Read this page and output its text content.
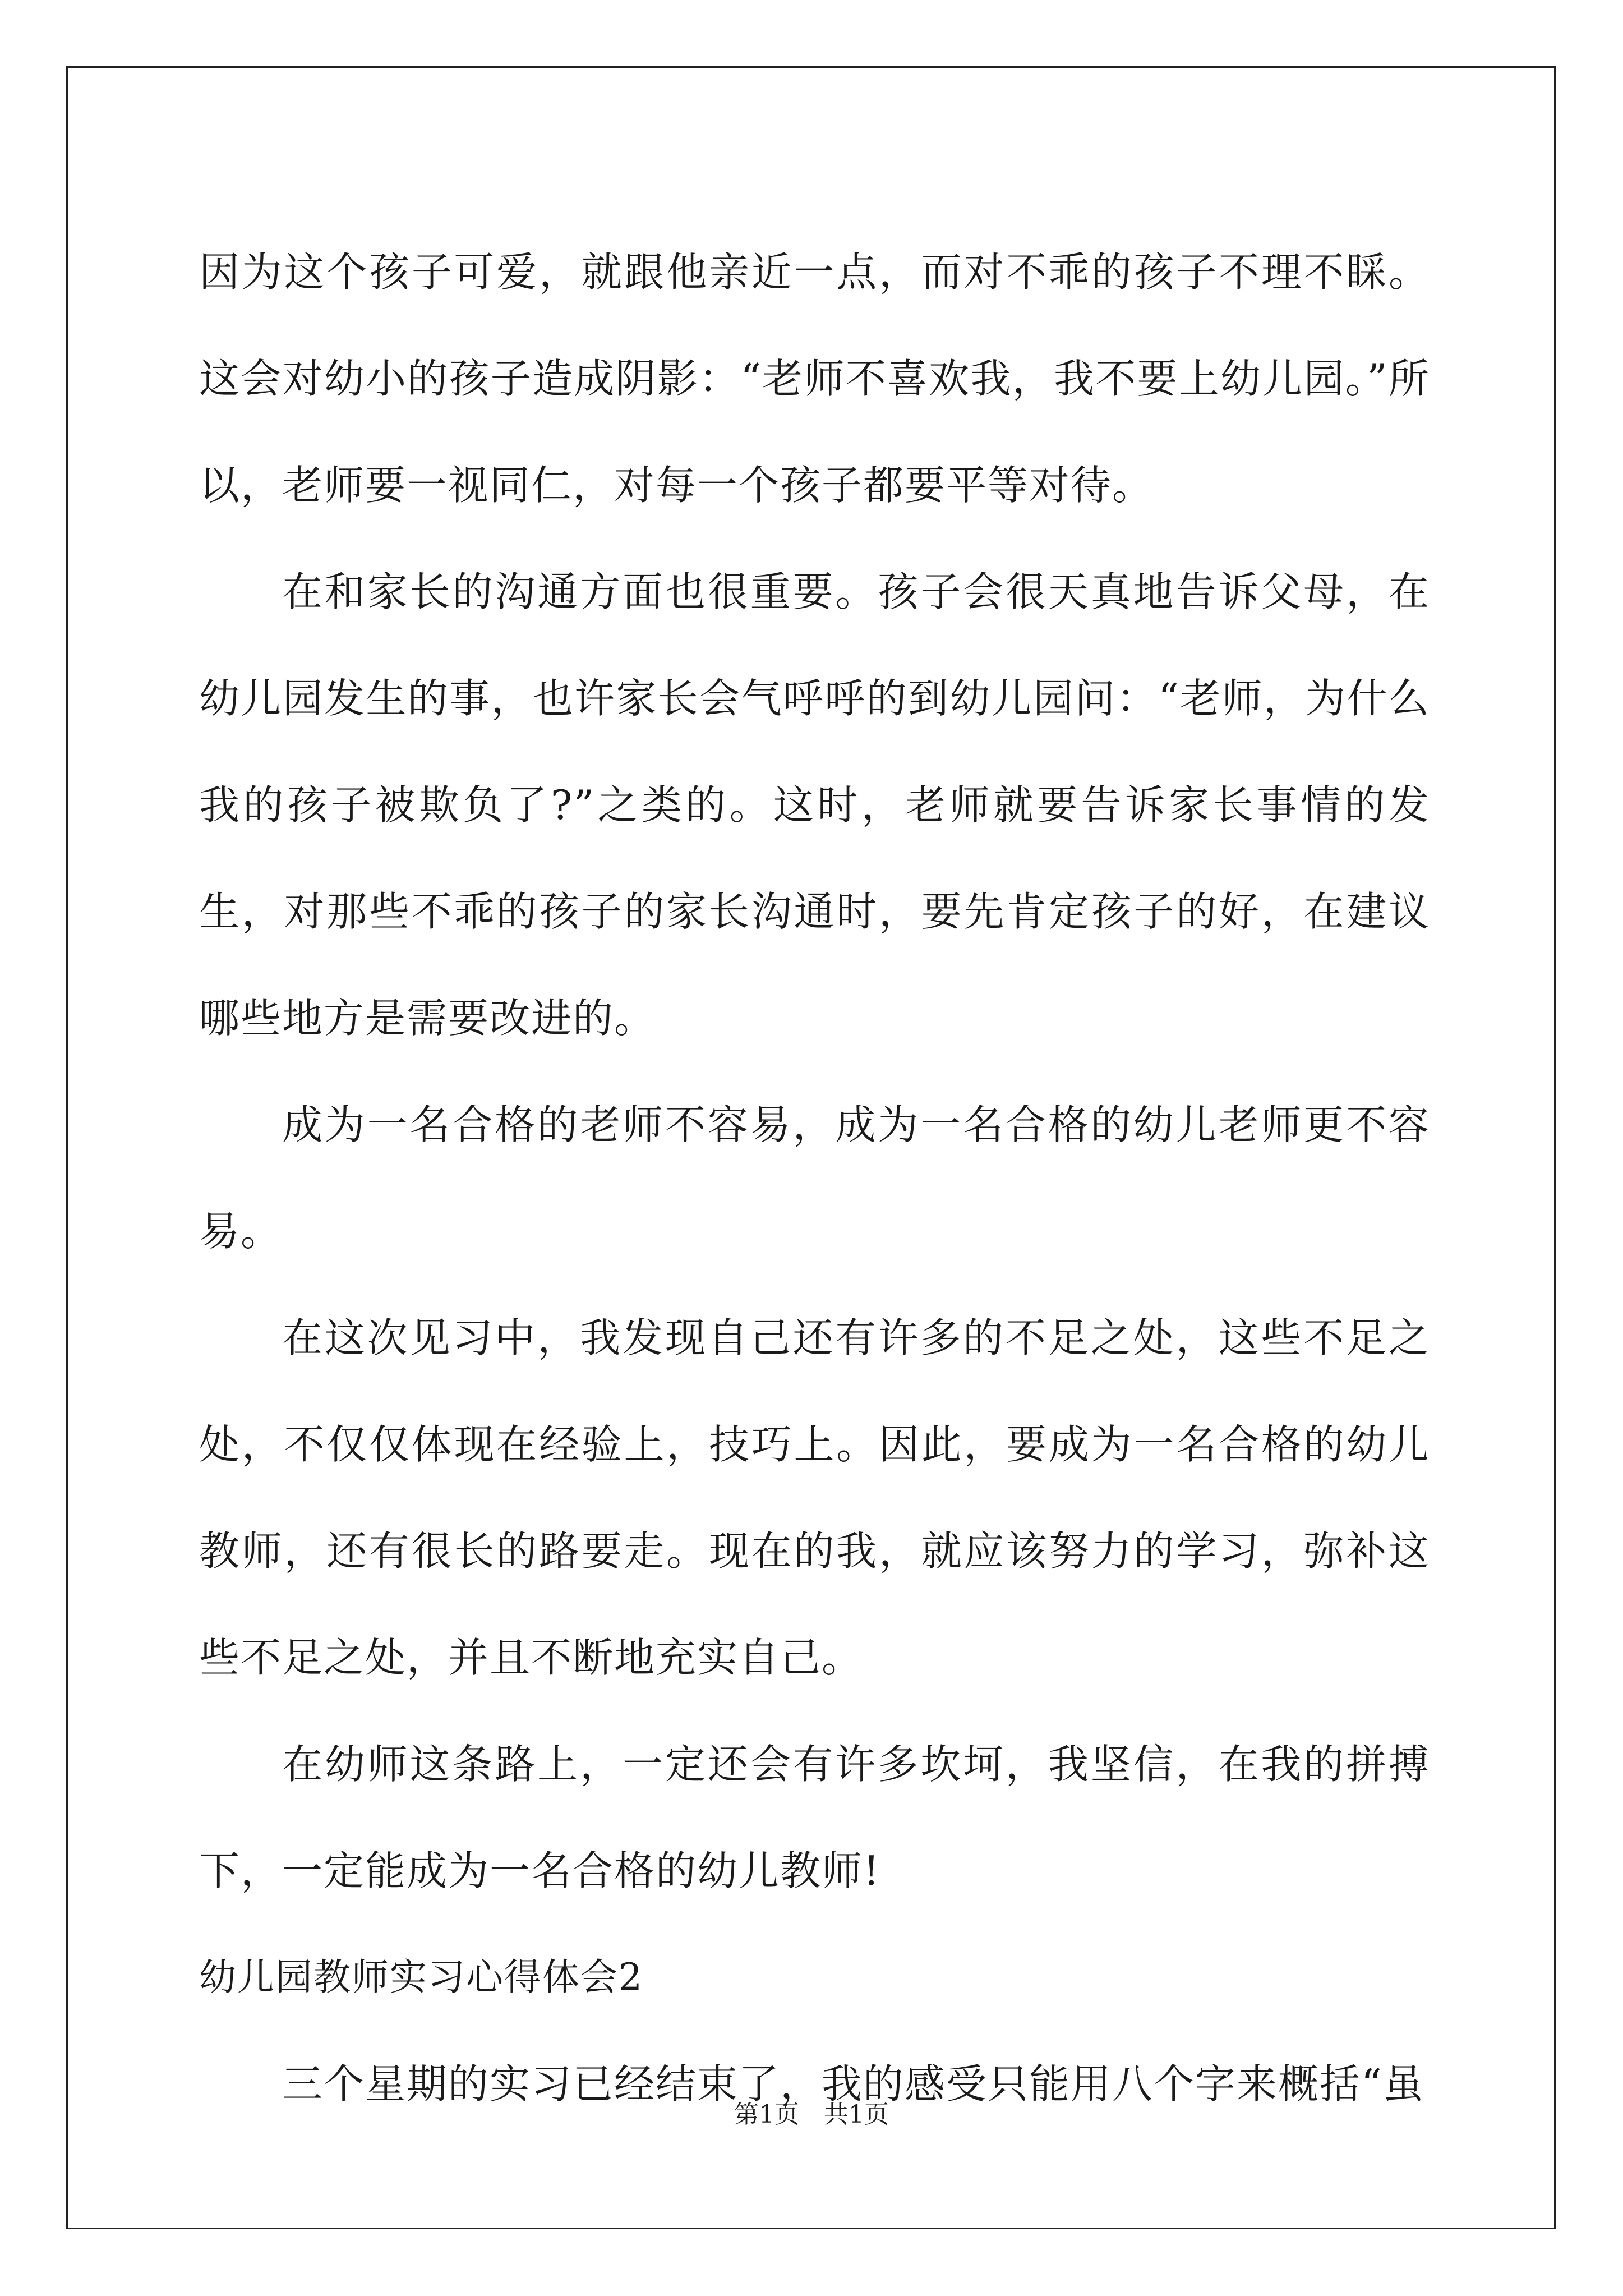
因为这个孩子可爱，就跟他亲近一点，而对不乖的孩子不理不睬。这会对幼小的孩子造成阴影：“老师不喜欢我，我不要上幼儿园。”所以，老师要一视同仁，对每一个孩子都要平等对待。

在和家长的沟通方面也很重要。孩子会很天真地告诉父母，在幼儿园发生的事，也许家长会气呼呼的到幼儿园问：“老师，为什么我的孩子被欺负了?”之类的。这时，老师就要告诉家长事情的发生，对那些不乖的孩子的家长沟通时，要先肯定孩子的好，在建议哪些地方是需要改进的。

成为一名合格的老师不容易，成为一名合格的幼儿老师更不容易。

在这次见习中，我发现自己还有许多的不足之处，这些不足之处，不仅仅体现在经验上，技巧上。因此，要成为一名合格的幼儿教师，还有很长的路要走。现在的我，就应该努力的学习，弥补这些不足之处，并且不断地充实自己。

在幼师这条路上，一定还会有许多坎坷，我坚信，在我的拼搏下，一定能成为一名合格的幼儿教师!

幼儿园教师实习心得体会2

三个星期的实习已经结束了，我的感受只能用八个字来概括“虽

第1页　共1页
